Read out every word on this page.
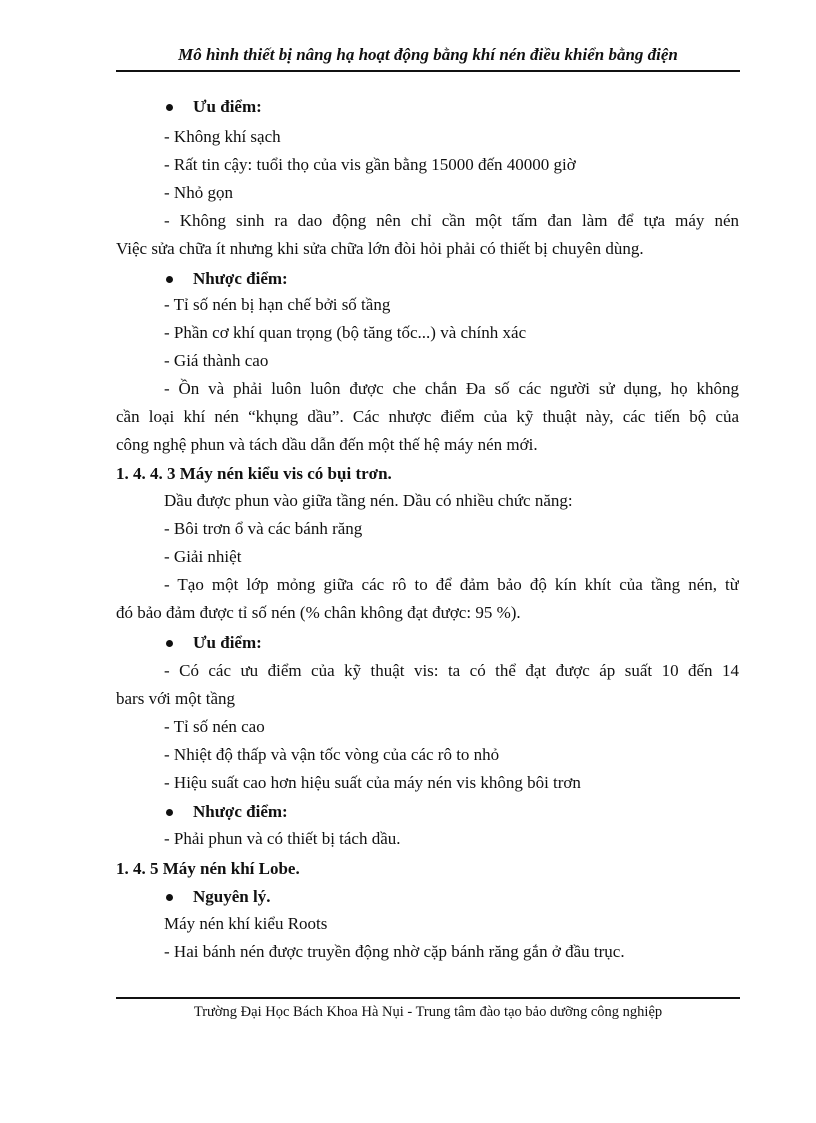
Mô hình thiết bị nâng hạ hoạt động bằng khí nén điều khiển bằng điện
Ưu điểm:
- Không khí sạch
- Rất tin cậy: tuổi thọ của vis gần bằng 15000 đến 40000 giờ
- Nhỏ gọn
- Không sinh ra dao động nên chỉ cần một tấm đan làm để tựa máy nén
Việc sửa chữa ít nhưng khi sửa chữa lớn đòi hỏi phải có thiết bị chuyên dùng.
Nhược điểm:
- Tỉ số nén bị hạn chế bởi số tầng
- Phần cơ khí quan trọng (bộ tăng tốc...) và chính xác
- Giá thành cao
- Ồn và phải luôn luôn được che chắn Đa số các người sử dụng, họ không
cần loại khí nén “khụng dầu”. Các nhược điểm của kỹ thuật này, các tiến bộ của
công nghệ phun và tách dầu dẫn đến một thế hệ máy nén mới.
1. 4. 4. 3 Máy nén kiểu vis có bụi trơn.
Dầu được phun vào giữa tầng nén. Dầu có nhiều chức năng:
- Bôi trơn ổ và các bánh răng
- Giải nhiệt
- Tạo một lớp mỏng giữa các rô to để đảm bảo độ kín khít của tầng nén, từ
đó bảo đảm được tỉ số nén (% chân không đạt được: 95 %).
Ưu điểm:
- Có các ưu điểm của kỹ thuật vis: ta có thể đạt được áp suất 10 đến 14
bars với một tầng
- Tỉ số nén cao
- Nhiệt độ thấp và vận tốc vòng của các rô to nhỏ
- Hiệu suất cao hơn hiệu suất của máy nén vis không bôi trơn
Nhược điểm:
- Phải phun và có thiết bị tách dầu.
1. 4. 5 Máy nén khí Lobe.
Nguyên lý.
Máy nén khí kiểu Roots
- Hai bánh nén được truyền động nhờ cặp bánh răng gắn ở đầu trục.
Trường Đại Học Bách Khoa Hà Nụi - Trung tâm đào tạo bảo dưỡng công nghiệp
